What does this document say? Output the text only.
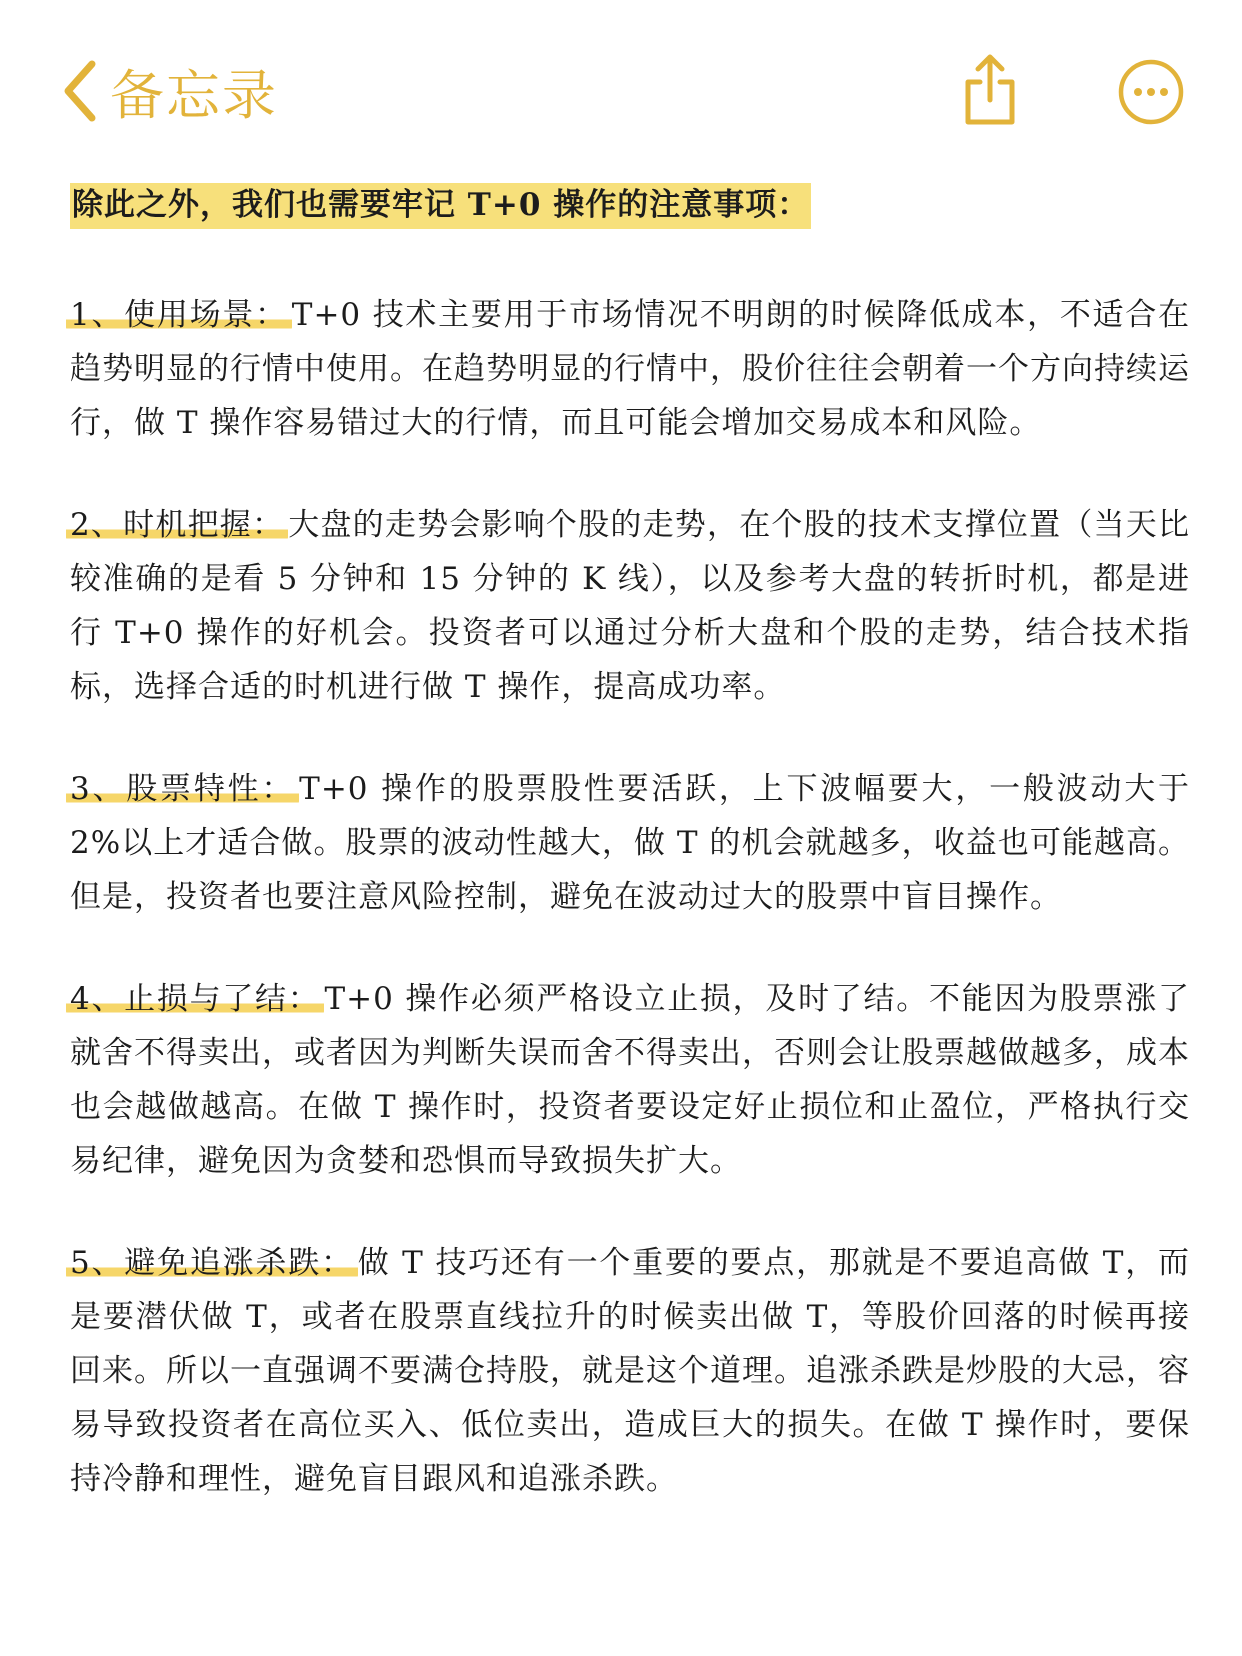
备忘录
除此之外，我们也需要牢记 T+0 操作的注意事项：
1、使用场景： T+0 技术主要用于市场情况不明朗的时候降低成本，不适合在趋势明显的行情中使用。在趋势明显的行情中，股价往往会朝着一个方向持续运行，做 T 操作容易错过大的行情，而且可能会增加交易成本和风险。
2、时机把握： 大盘的走势会影响个股的走势，在个股的技术支撑位置（当天比较准确的是看 5 分钟和 15 分钟的 K 线），以及参考大盘的转折时机，都是进行 T+0 操作的好机会。投资者可以通过分析大盘和个股的走势，结合技术指标，选择合适的时机进行做 T 操作，提高成功率。
3、股票特性： T+0 操作的股票股性要活跃，上下波幅要大，一般波动大于 2%以上才适合做。股票的波动性越大，做 T 的机会就越多，收益也可能越高。但是，投资者也要注意风险控制，避免在波动过大的股票中盲目操作。
4、止损与了结： T+0 操作必须严格设立止损，及时了结。不能因为股票涨了就舍不得卖出，或者因为判断失误而舍不得卖出，否则会让股票越做越多，成本也会越做越高。在做 T 操作时，投资者要设定好止损位和止盈位，严格执行交易纪律，避免因为贪婪和恐惧而导致损失扩大。
5、避免追涨杀跌： 做 T 技巧还有一个重要的要点，那就是不要追高做 T，而是要潜伏做 T，或者在股票直线拉升的时候卖出做 T，等股价回落的时候再接回来。所以一直强调不要满仓持股，就是这个道理。追涨杀跌是炒股的大忌，容易导致投资者在高位买入、低位卖出，造成巨大的损失。在做 T 操作时，要保持冷静和理性，避免盲目跟风和追涨杀跌。
